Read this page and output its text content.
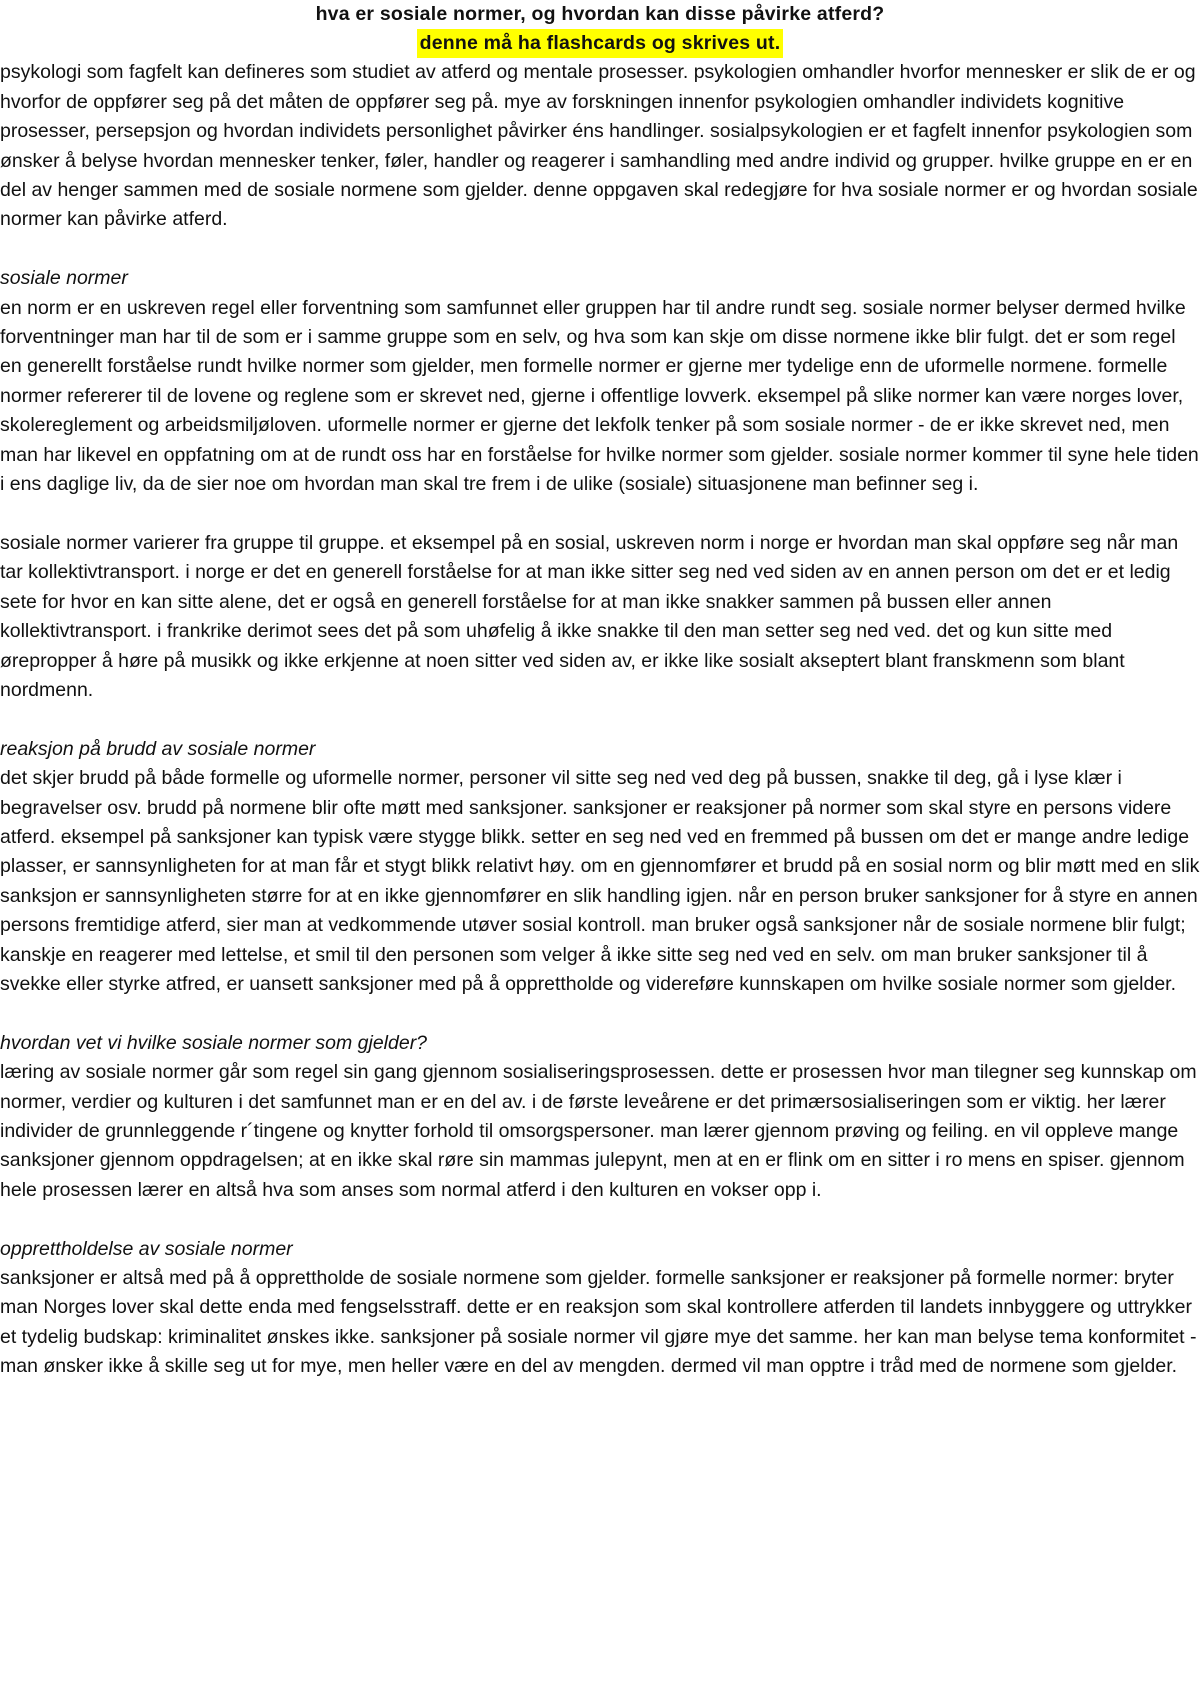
hva er sosiale normer, og hvordan kan disse påvirke atferd?
denne må ha flashcards og skrives ut.

psykologi som fagfelt kan defineres som studiet av atferd og mentale prosesser. psykologien omhandler hvorfor mennesker er slik de er og hvorfor de oppfører seg på det måten de oppfører seg på. mye av forskningen innenfor psykologien omhandler individets kognitive prosesser, persepsjon og hvordan individets personlighet påvirker éns handlinger. sosialpsykologien er et fagfelt innenfor psykologien som ønsker å belyse hvordan mennesker tenker, føler, handler og reagerer i samhandling med andre individ og grupper. hvilke gruppe en er en del av henger sammen med de sosiale normene som gjelder. denne oppgaven skal redegjøre for hva sosiale normer er og hvordan sosiale normer kan påvirke atferd.

sosiale normer

en norm er en uskreven regel eller forventning som samfunnet eller gruppen har til andre rundt seg. sosiale normer belyser dermed hvilke forventninger man har til de som er i samme gruppe som en selv, og hva som kan skje om disse normene ikke blir fulgt. det er som regel en generellt forståelse rundt hvilke normer som gjelder, men formelle normer er gjerne mer tydelige enn de uformelle normene. formelle normer refererer til de lovene og reglene som er skrevet ned, gjerne i offentlige lovverk. eksempel på slike normer kan være norges lover, skolereglement og arbeidsmiljøloven. uformelle normer er gjerne det lekfolk tenker på som sosiale normer - de er ikke skrevet ned, men man har likevel en oppfatning om at de rundt oss har en forståelse for hvilke normer som gjelder. sosiale normer kommer til syne hele tiden i ens daglige liv, da de sier noe om hvordan man skal tre frem i de ulike (sosiale) situasjonene man befinner seg i.

sosiale normer varierer fra gruppe til gruppe. et eksempel på en sosial, uskreven norm i norge er hvordan man skal oppføre seg når man tar kollektivtransport. i norge er det en generell forståelse for at man ikke sitter seg ned ved siden av en annen person om det er et ledig sete for hvor en kan sitte alene, det er også en generell forståelse for at man ikke snakker sammen på bussen eller annen kollektivtransport. i frankrike derimot sees det på som uhøfelig å ikke snakke til den man setter seg ned ved. det og kun sitte med ørepropper å høre på musikk og ikke erkjenne at noen sitter ved siden av, er ikke like sosialt akseptert blant franskmenn som blant nordmenn.

reaksjon på brudd av sosiale normer

det skjer brudd på både formelle og uformelle normer, personer vil sitte seg ned ved deg på bussen, snakke til deg, gå i lyse klær i begravelser osv. brudd på normene blir ofte møtt med sanksjoner. sanksjoner er reaksjoner på normer som skal styre en persons videre atferd. eksempel på sanksjoner kan typisk være stygge blikk. setter en seg ned ved en fremmed på bussen om det er mange andre ledige plasser, er sannsynligheten for at man får et stygt blikk relativt høy. om en gjennomfører et brudd på en sosial norm og blir møtt med en slik sanksjon er sannsynligheten større for at en ikke gjennomfører en slik handling igjen. når en person bruker sanksjoner for å styre en annen persons fremtidige atferd, sier man at vedkommende utøver sosial kontroll. man bruker også sanksjoner når de sosiale normene blir fulgt; kanskje en reagerer med lettelse, et smil til den personen som velger å ikke sitte seg ned ved en selv. om man bruker sanksjoner til å svekke eller styrke atfred, er uansett sanksjoner med på å opprettholde og videreføre kunnskapen om hvilke sosiale normer som gjelder.

hvordan vet vi hvilke sosiale normer som gjelder?

læring av sosiale normer går som regel sin gang gjennom sosialiseringsprosessen. dette er prosessen hvor man tilegner seg kunnskap om normer, verdier og kulturen i det samfunnet man er en del av. i de første leveårene er det primærsosialiseringen som er viktig. her lærer individer de grunnleggende r´tingene og knytter forhold til omsorgspersoner. man lærer gjennom prøving og feiling. en vil oppleve mange sanksjoner gjennom oppdragelsen; at en ikke skal røre sin mammas julepynt, men at en er flink om en sitter i ro mens en spiser. gjennom hele prosessen lærer en altså hva som anses som normal atferd i den kulturen en vokser opp i.

opprettholdelse av sosiale normer

sanksjoner er altså med på å opprettholde de sosiale normene som gjelder. formelle sanksjoner er reaksjoner på formelle normer: bryter man Norges lover skal dette enda med fengselsstraff. dette er en reaksjon som skal kontrollere atferden til landets innbyggere og uttrykker et tydelig budskap: kriminalitet ønskes ikke. sanksjoner på sosiale normer vil gjøre mye det samme. her kan man belyse tema konformitet - man ønsker ikke å skille seg ut for mye, men heller være en del av mengden. dermed vil man opptre i tråd med de normene som gjelder.
